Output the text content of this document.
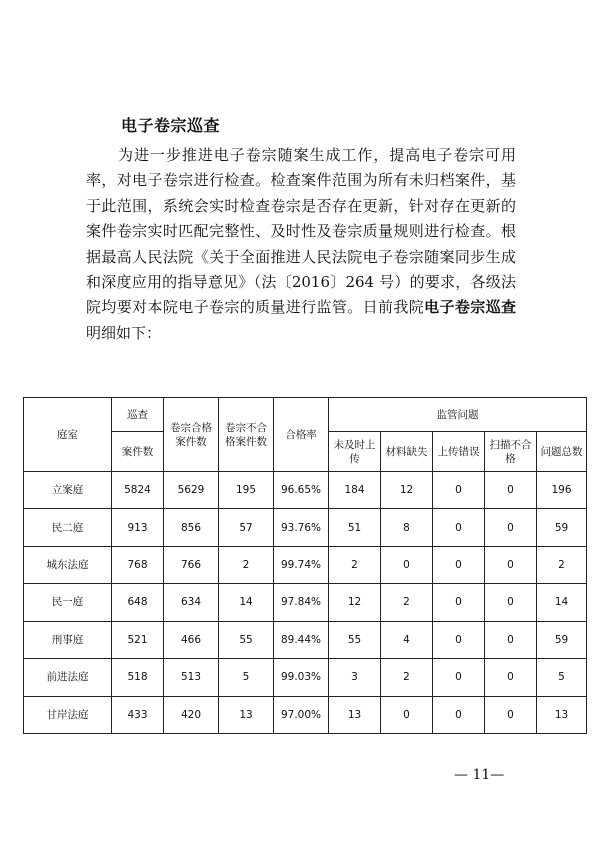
电子卷宗巡查

为进一步推进电子卷宗随案生成工作，提高电子卷宗可用率，对电子卷宗进行检查。检查案件范围为所有未归档案件，基于此范围，系统会实时检查卷宗是否存在更新，针对存在更新的案件卷宗实时匹配完整性、及时性及卷宗质量规则进行检查。根据最高人民法院《关于全面推进人民法院电子卷宗随案同步生成和深度应用的指导意见》（法〔2016〕264 号）的要求，各级法院均要对本院电子卷宗的质量进行监管。日前我院电子卷宗巡查明细如下：

庭室	巡查	卷宗合格案件数	卷宗不合格案件数	合格率	监管问题				
	案件数				未及时上传	材料缺失	上传错误	扫描不合格	问题总数
立案庭	5824	5629	195	96.65%	184	12	0	0	196
民二庭	913	856	57	93.76%	51	8	0	0	59
城东法庭	768	766	2	99.74%	2	0	0	0	2
民一庭	648	634	14	97.84%	12	2	0	0	14
刑事庭	521	466	55	89.44%	55	4	0	0	59
前进法庭	518	513	5	99.03%	3	2	0	0	5
甘岸法庭	433	420	13	97.00%	13	0	0	0	13
— 11—
